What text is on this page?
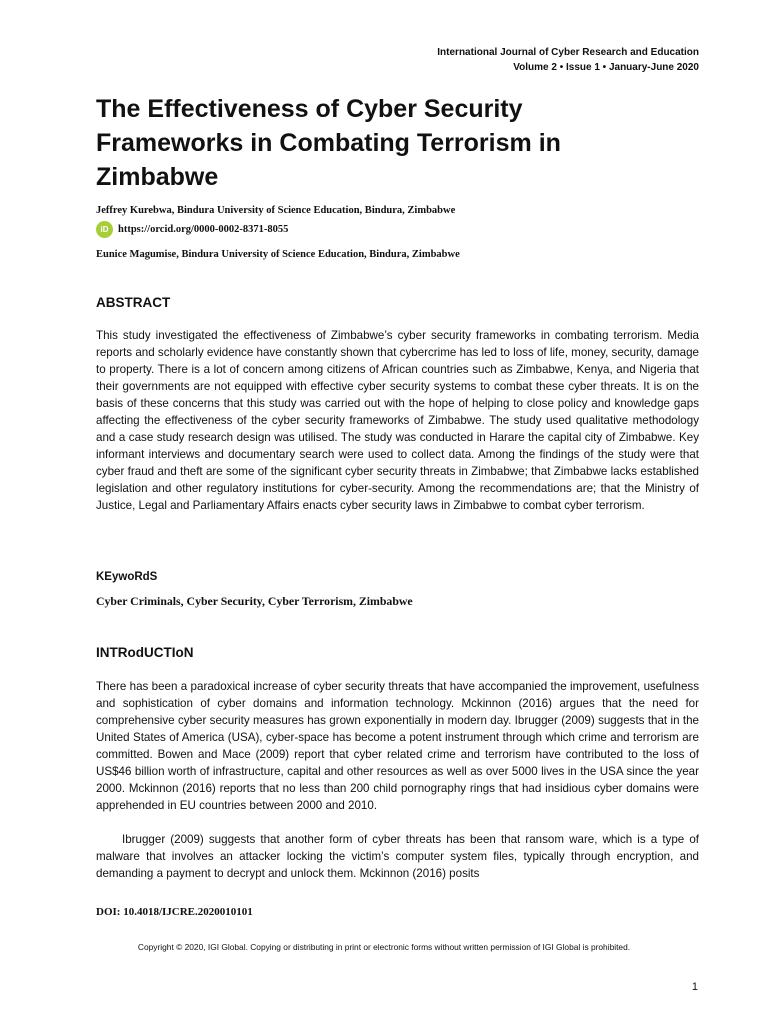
International Journal of Cyber Research and Education
Volume 2 • Issue 1 • January-June 2020
The Effectiveness of Cyber Security Frameworks in Combating Terrorism in Zimbabwe
Jeffrey Kurebwa, Bindura University of Science Education, Bindura, Zimbabwe
iD https://orcid.org/0000-0002-8371-8055
Eunice Magumise, Bindura University of Science Education, Bindura, Zimbabwe
ABSTRACT

This study investigated the effectiveness of Zimbabwe’s cyber security frameworks in combating terrorism. Media reports and scholarly evidence have constantly shown that cybercrime has led to loss of life, money, security, damage to property. There is a lot of concern among citizens of African countries such as Zimbabwe, Kenya, and Nigeria that their governments are not equipped with effective cyber security systems to combat these cyber threats. It is on the basis of these concerns that this study was carried out with the hope of helping to close policy and knowledge gaps affecting the effectiveness of the cyber security frameworks of Zimbabwe. The study used qualitative methodology and a case study research design was utilised. The study was conducted in Harare the capital city of Zimbabwe. Key informant interviews and documentary search were used to collect data. Among the findings of the study were that cyber fraud and theft are some of the significant cyber security threats in Zimbabwe; that Zimbabwe lacks established legislation and other regulatory institutions for cyber-security. Among the recommendations are; that the Ministry of Justice, Legal and Parliamentary Affairs enacts cyber security laws in Zimbabwe to combat cyber terrorism.

KEywoRdS
Cyber Criminals, Cyber Security, Cyber Terrorism, Zimbabwe
INTRodUCTIoN

There has been a paradoxical increase of cyber security threats that have accompanied the improvement, usefulness and sophistication of cyber domains and information technology. Mckinnon (2016) argues that the need for comprehensive cyber security measures has grown exponentially in modern day. Ibrugger (2009) suggests that in the United States of America (USA), cyber-space has become a potent instrument through which crime and terrorism are committed. Bowen and Mace (2009) report that cyber related crime and terrorism have contributed to the loss of US$46 billion worth of infrastructure, capital and other resources as well as over 5000 lives in the USA since the year 2000. Mckinnon (2016) reports that no less than 200 child pornography rings that had insidious cyber domains were apprehended in EU countries between 2000 and 2010.

Ibrugger (2009) suggests that another form of cyber threats has been that ransom ware, which is a type of malware that involves an attacker locking the victim’s computer system files, typically through encryption, and demanding a payment to decrypt and unlock them. Mckinnon (2016) posits

DOI: 10.4018/IJCRE.2020010101
Copyright © 2020, IGI Global. Copying or distributing in print or electronic forms without written permission of IGI Global is prohibited.
1
